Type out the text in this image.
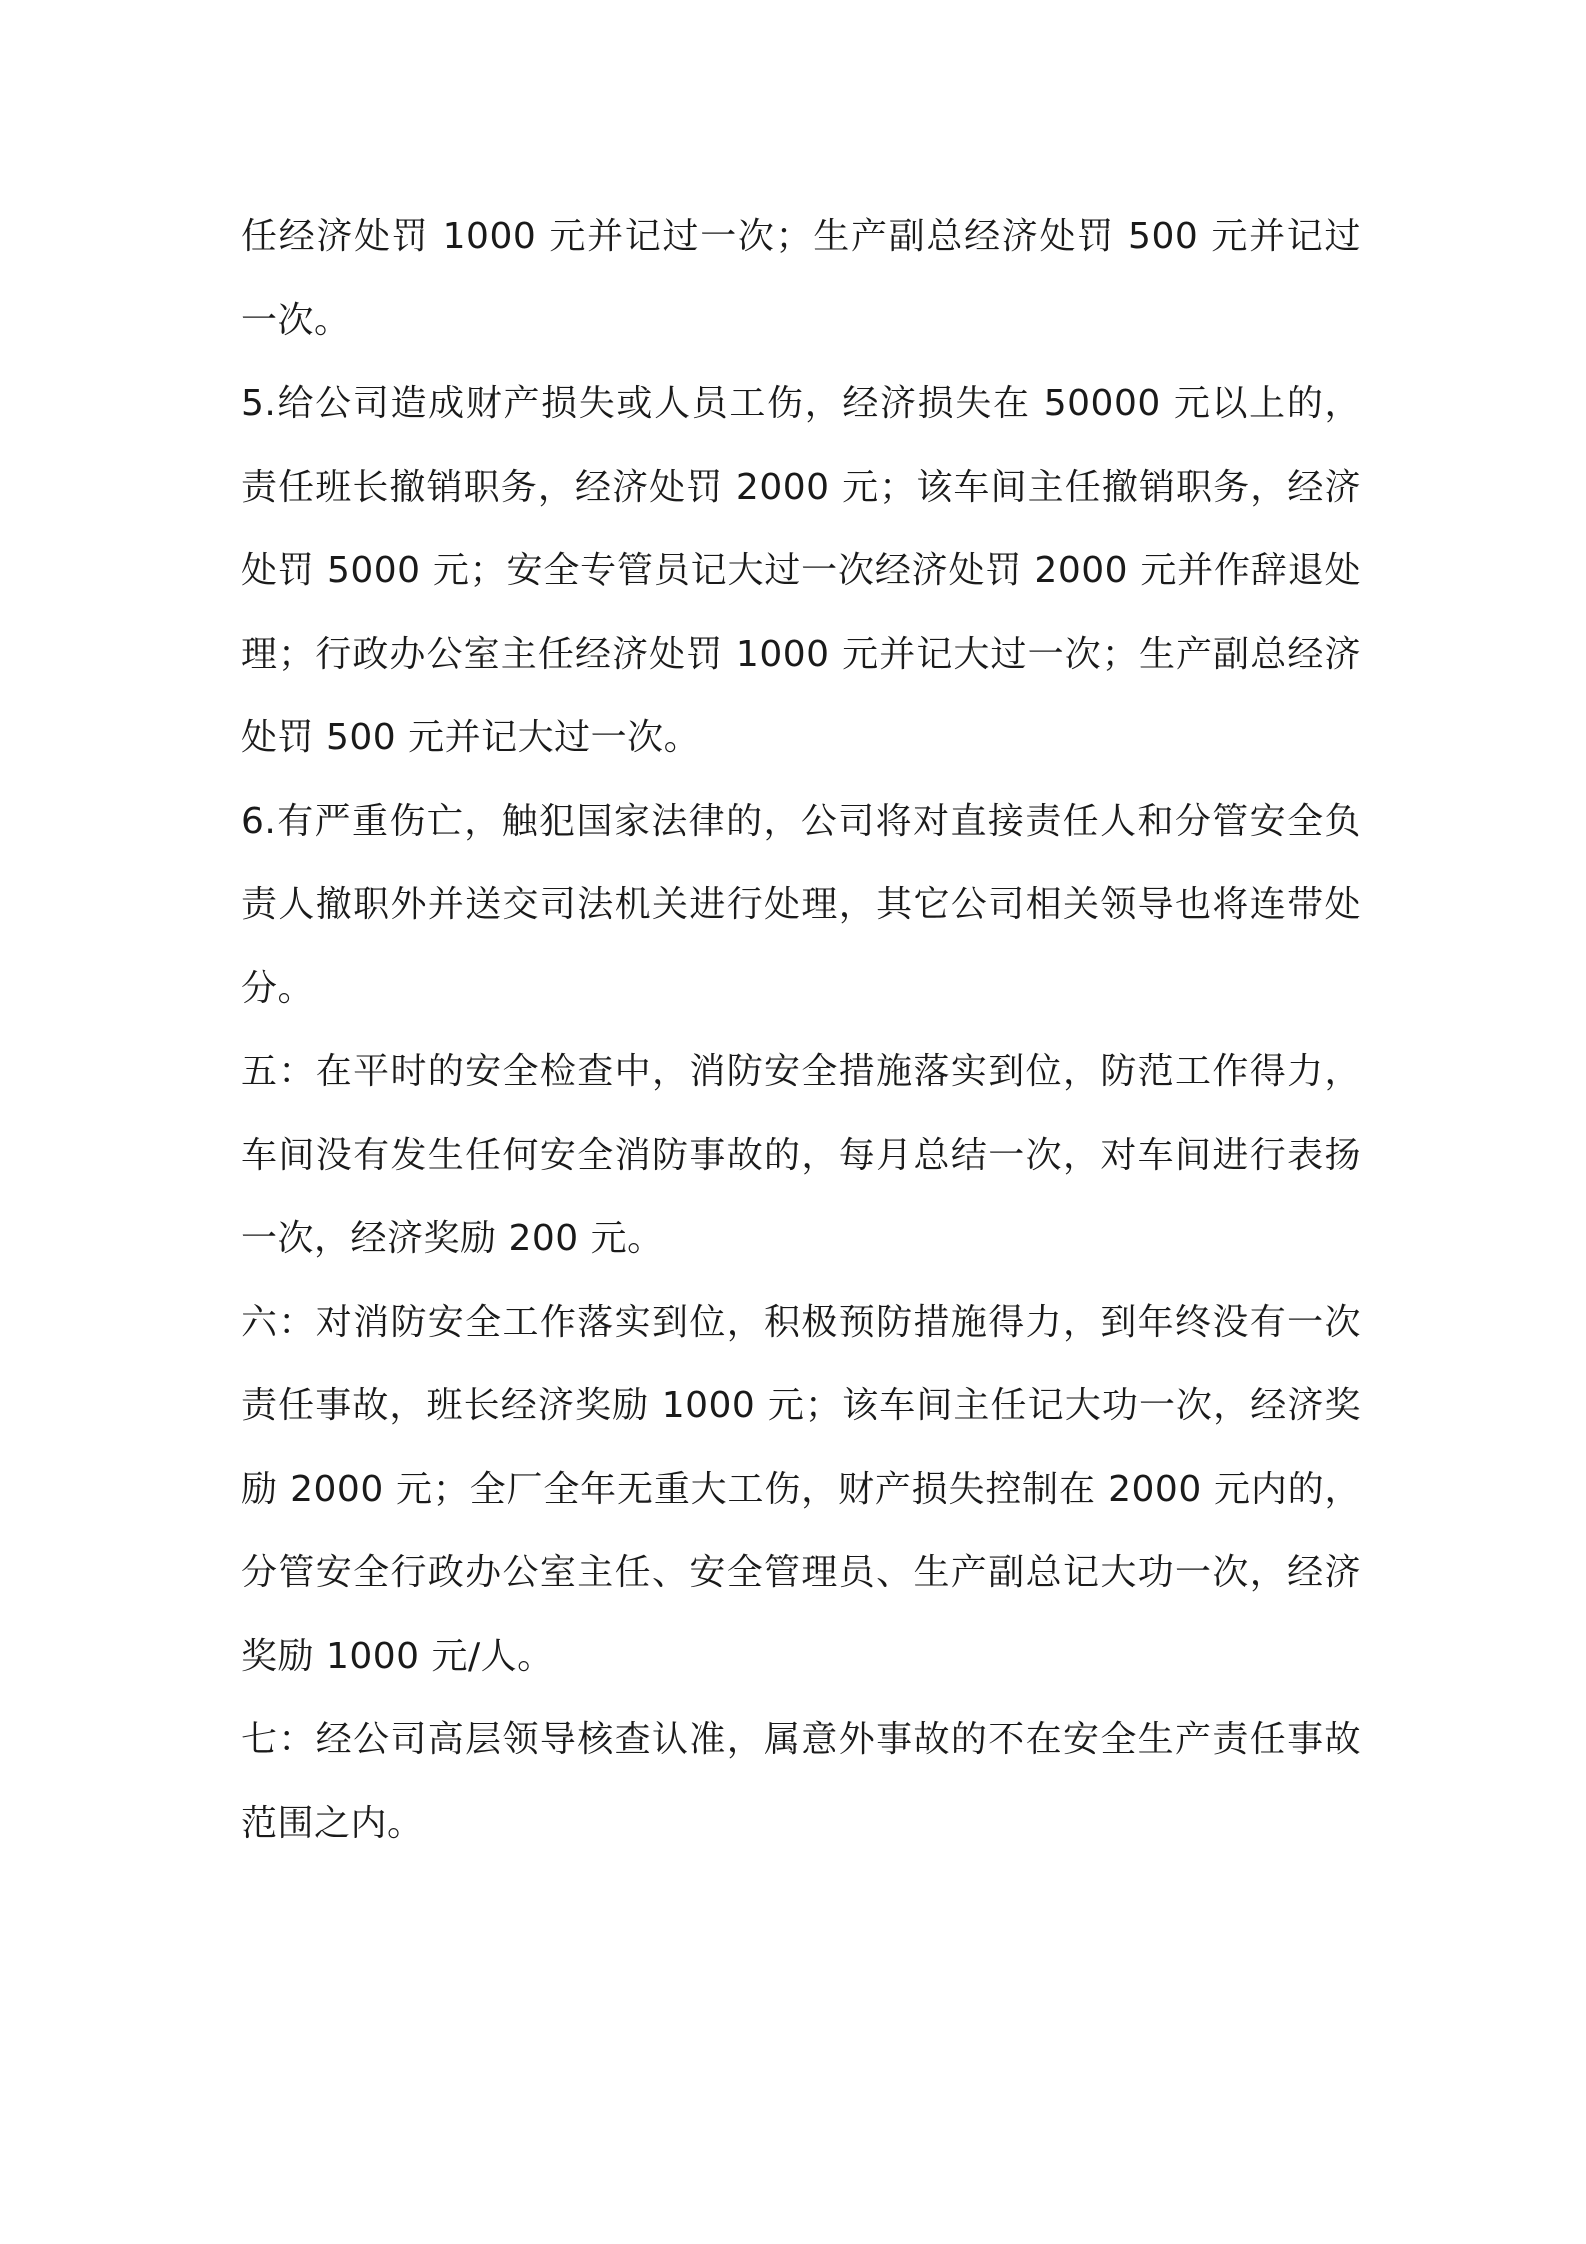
任经济处罚 1000 元并记过一次；生产副总经济处罚 500 元并记过一次。

5.给公司造成财产损失或人员工伤，经济损失在 50000 元以上的，责任班长撤销职务，经济处罚 2000 元；该车间主任撤销职务，经济处罚 5000 元；安全专管员记大过一次经济处罚 2000 元并作辞退处理；行政办公室主任经济处罚 1000 元并记大过一次；生产副总经济处罚 500 元并记大过一次。

6.有严重伤亡，触犯国家法律的，公司将对直接责任人和分管安全负责人撤职外并送交司法机关进行处理，其它公司相关领导也将连带处分。

五：在平时的安全检查中，消防安全措施落实到位，防范工作得力，车间没有发生任何安全消防事故的，每月总结一次，对车间进行表扬一次，经济奖励 200 元。

六：对消防安全工作落实到位，积极预防措施得力，到年终没有一次责任事故，班长经济奖励 1000 元；该车间主任记大功一次，经济奖励 2000 元；全厂全年无重大工伤，财产损失控制在 2000 元内的，分管安全行政办公室主任、安全管理员、生产副总记大功一次，经济奖励 1000 元/人。

七：经公司高层领导核查认准，属意外事故的不在安全生产责任事故范围之内。
